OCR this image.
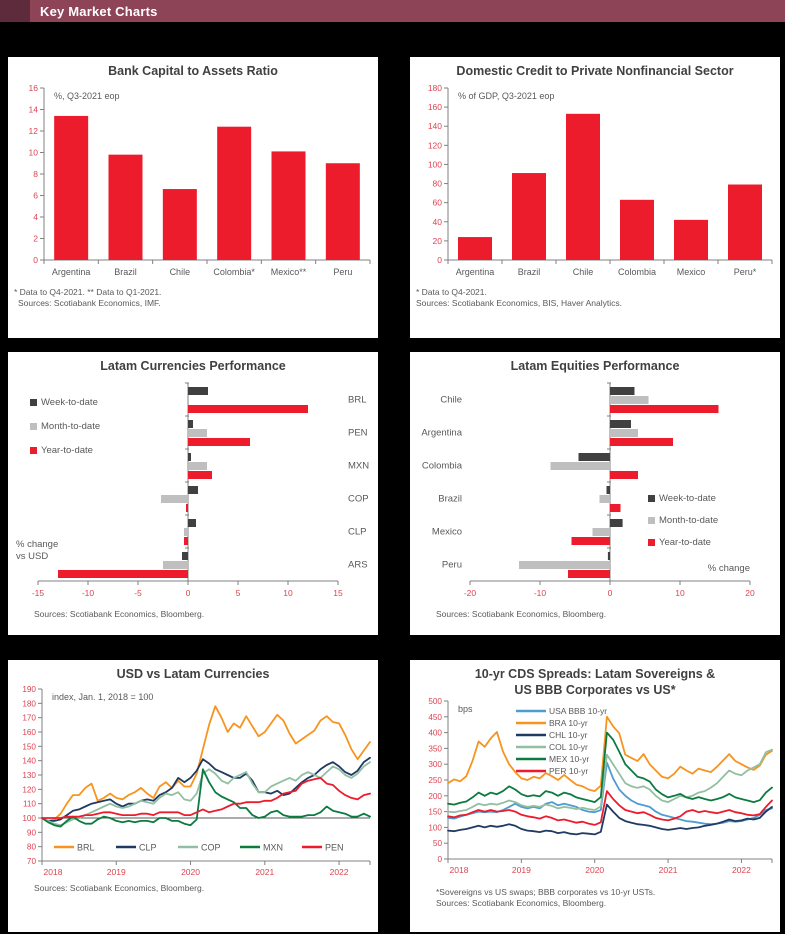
Key Market Charts
Bank Capital to Assets Ratio
0
2
4
6
8
10
12
14
16
Argentina	Brazil	Chile	Colombia* Mexico**	Peru
%, Q3-2021 eop
* Data to Q4-2021. ** Data to Q1-2021.
Sources: Scotiabank Economics, IMF.
Domestic Credit to Private Nonfinancial Sector
0
20
40
60
80
100
120
140
160
180
Argentina	Brazil	Chile	Colombia Mexico	Peru*
% of GDP, Q3-2021 eop
* Data to Q4-2021.
Sources: Scotiabank Economics, BIS, Haver Analytics.
Latam Currencies Performance
-15	-10	-5	0	5	10	15
BRL
PEN
MXN
COP
CLP
ARS
Week-to-date
Month-to-date
Year-to-date
% change
vs USD
Sources: Scotiabank Economics, Bloomberg.
Latam Equities Performance
-20	-10	0	10	20
Chile
Argentina
Colombia
Brazil
Mexico
Peru
Week-to-date
Month-to-date
Year-to-date
% change
Sources: Scotiabank Economics, Bloomberg.
USD vs Latam Currencies
70
80
90
100
110
120
130
140
150
160
170
180
190
2018	2019	2020	2021	2022
BRL	CLP	COP	MXN	PEN
index, Jan. 1, 2018 = 100
Sources: Scotiabank Economics, Bloomberg.
10-yr CDS Spreads: Latam Sovereigns &
US BBB Corporates vs US*
0
50
100
150
200
250
300
350
400
450
500
2018	2019	2020	2021	2022
USA BBB 10-yr
BRA 10-yr
CHL 10-yr
COL 10-yr
MEX 10-yr
PER 10-yr
bps
*Sovereigns vs US swaps; BBB corporates vs 10-yr USTs.
Sources: Scotiabank Economics, Bloomberg.
